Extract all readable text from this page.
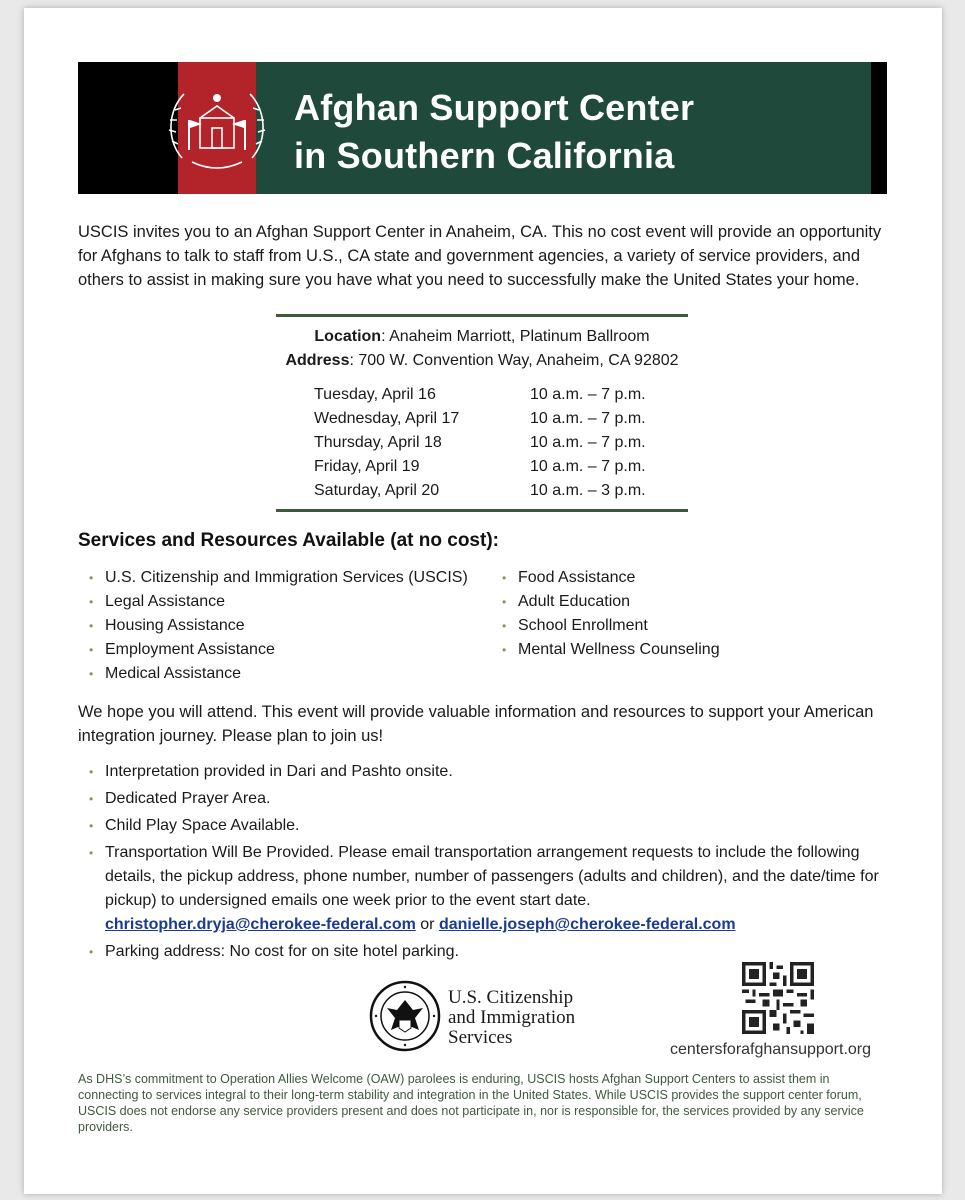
Afghan Support Center
in Southern California
USCIS invites you to an Afghan Support Center in Anaheim, CA. This no cost event will provide an opportunity for Afghans to talk to staff from U.S., CA state and government agencies, a variety of service providers, and others to assist in making sure you have what you need to successfully make the United States your home.
Location: Anaheim Marriott, Platinum Ballroom
Address: 700 W. Convention Way, Anaheim, CA 92802
Tuesday, April 16	10 a.m. – 7 p.m.
Wednesday, April 17	10 a.m. – 7 p.m.
Thursday, April 18	10 a.m. – 7 p.m.
Friday, April 19	10 a.m. – 7 p.m.
Saturday, April 20	10 a.m. – 3 p.m.
Services and Resources Available (at no cost):
• U.S. Citizenship and Immigration Services (USCIS)
• Legal Assistance
• Housing Assistance
• Employment Assistance
• Medical Assistance
• Food Assistance
• Adult Education
• School Enrollment
• Mental Wellness Counseling
We hope you will attend. This event will provide valuable information and resources to support your American integration journey. Please plan to join us!
• Interpretation provided in Dari and Pashto onsite.
• Dedicated Prayer Area.
• Child Play Space Available.
• Transportation Will Be Provided. Please email transportation arrangement requests to include the following details, the pickup address, phone number, number of passengers (adults and children), and the date/time for pickup) to undersigned emails one week prior to the event start date.
christopher.dryja@cherokee-federal.com or danielle.joseph@cherokee-federal.com
• Parking address: No cost for on site hotel parking.
U.S. Citizenship
and Immigration
Services
centersforafghansupport.org
As DHS’s commitment to Operation Allies Welcome (OAW) parolees is enduring, USCIS hosts Afghan Support Centers to assist them in connecting to services integral to their long-term stability and integration in the United States. While USCIS provides the support center forum, USCIS does not endorse any service providers present and does not participate in, nor is responsible for, the services provided by any service providers.
